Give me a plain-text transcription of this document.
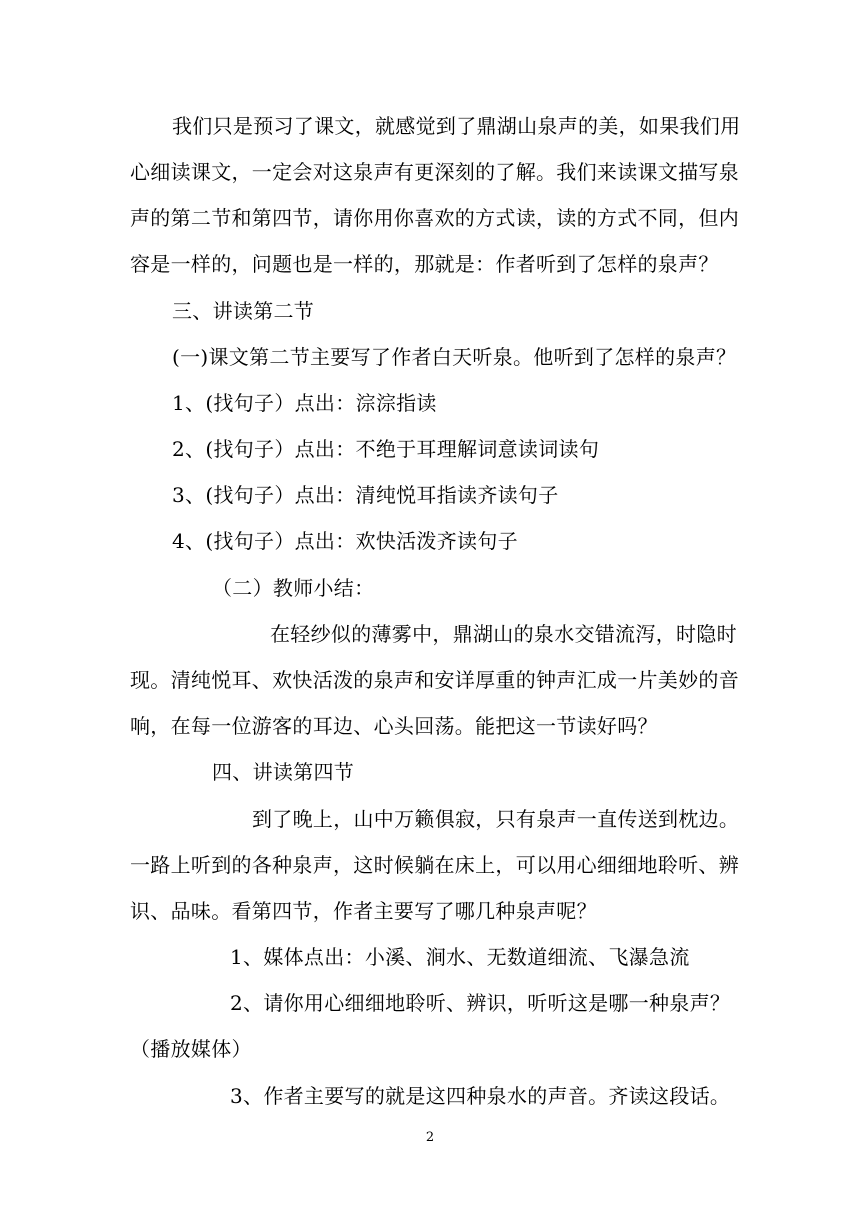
我们只是预习了课文，就感觉到了鼎湖山泉声的美，如果我们用
心细读课文，一定会对这泉声有更深刻的了解。我们来读课文描写泉
声的第二节和第四节，请你用你喜欢的方式读，读的方式不同，但内
容是一样的，问题也是一样的，那就是：作者听到了怎样的泉声？
三、讲读第二节
(一)课文第二节主要写了作者白天听泉。他听到了怎样的泉声？
1、(找句子）点出：淙淙指读
2、(找句子）点出：不绝于耳理解词意读词读句
3、(找句子）点出：清纯悦耳指读齐读句子
4、(找句子）点出：欢快活泼齐读句子
（二）教师小结：
在轻纱似的薄雾中，鼎湖山的泉水交错流泻，时隐时
现。清纯悦耳、欢快活泼的泉声和安详厚重的钟声汇成一片美妙的音
响，在每一位游客的耳边、心头回荡。能把这一节读好吗？
四、讲读第四节
到了晚上，山中万籁俱寂，只有泉声一直传送到枕边。
一路上听到的各种泉声，这时候躺在床上，可以用心细细地聆听、辨
识、品味。看第四节，作者主要写了哪几种泉声呢？
1、媒体点出：小溪、涧水、无数道细流、飞瀑急流
2、请你用心细细地聆听、辨识，听听这是哪一种泉声？
（播放媒体）
3、作者主要写的就是这四种泉水的声音。齐读这段话。
2
